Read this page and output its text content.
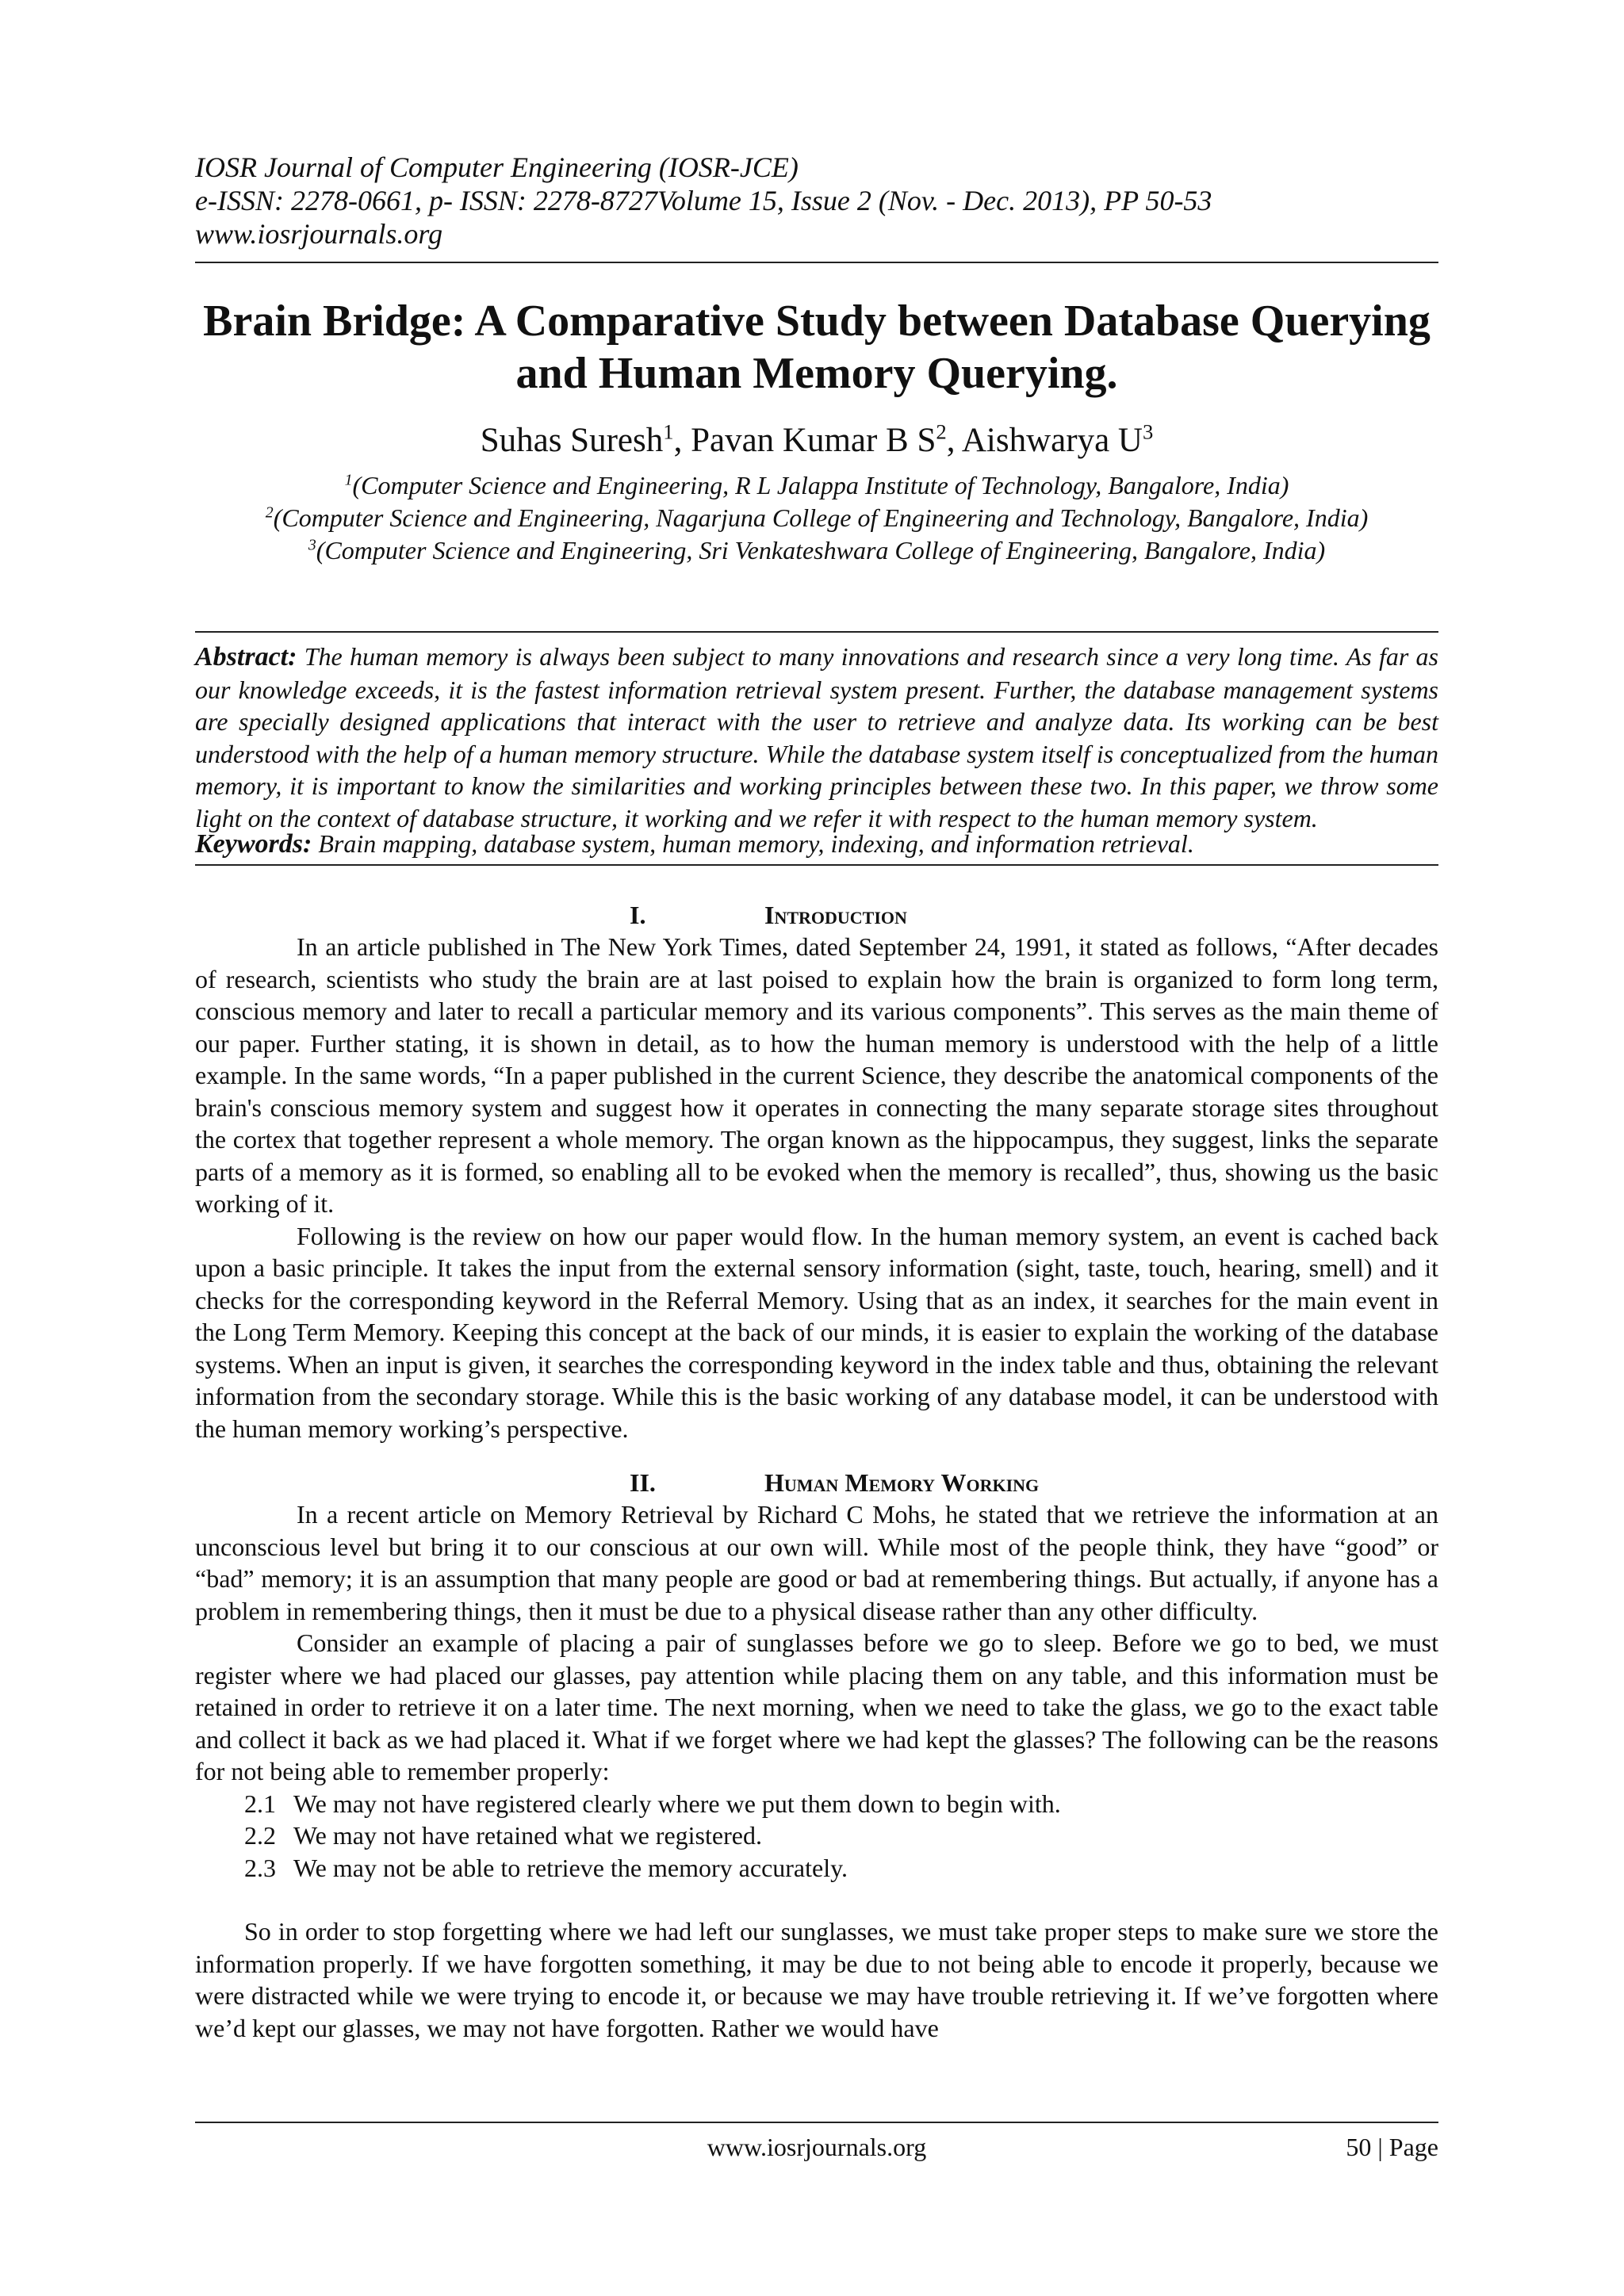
IOSR Journal of Computer Engineering (IOSR-JCE)
e-ISSN: 2278-0661, p- ISSN: 2278-8727Volume 15, Issue 2 (Nov. - Dec. 2013), PP 50-53
www.iosrjournals.org
Brain Bridge: A Comparative Study between Database Querying
and Human Memory Querying.
Suhas Suresh$^1$, Pavan Kumar B $S^2$, Aishwarya $U^3$
$^1$(Computer Science and Engineering, R L Jalappa Institute of Technology, Bangalore, India)
$^2$(Computer Science and Engineering, Nagarjuna College of Engineering and Technology, Bangalore, India)
$^3$(Computer Science and Engineering, Sri Venkateshwara College of Engineering, Bangalore, India)
Abstract: The human memory is always been subject to many innovations and research since a very long time. As far as our knowledge exceeds, it is the fastest information retrieval system present. Further, the database management systems are specially designed applications that interact with the user to retrieve and analyze data. Its working can be best understood with the help of a human memory structure. While the database system itself is conceptualized from the human memory, it is important to know the similarities and working principles between these two. In this paper, we throw some light on the context of database structure, it working and we refer it with respect to the human memory system.
Keywords: Brain mapping, database system, human memory, indexing, and information retrieval.
I.	Introduction

In an article published in The New York Times, dated September 24, 1991, it stated as follows, “After decades of research, scientists who study the brain are at last poised to explain how the brain is organized to form long term, conscious memory and later to recall a particular memory and its various components”. This serves as the main theme of our paper. Further stating, it is shown in detail, as to how the human memory is understood with the help of a little example. In the same words, “In a paper published in the current Science, they describe the anatomical components of the brain's conscious memory system and suggest how it operates in connecting the many separate storage sites throughout the cortex that together represent a whole memory. The organ known as the hippocampus, they suggest, links the separate parts of a memory as it is formed, so enabling all to be evoked when the memory is recalled”, thus, showing us the basic working of it.

Following is the review on how our paper would flow. In the human memory system, an event is cached back upon a basic principle. It takes the input from the external sensory information (sight, taste, touch, hearing, smell) and it checks for the corresponding keyword in the Referral Memory. Using that as an index, it searches for the main event in the Long Term Memory. Keeping this concept at the back of our minds, it is easier to explain the working of the database systems. When an input is given, it searches the corresponding keyword in the index table and thus, obtaining the relevant information from the secondary storage. While this is the basic working of any database model, it can be understood with the human memory working’s perspective.

II.	Human Memory Working

In a recent article on Memory Retrieval by Richard C Mohs, he stated that we retrieve the information at an unconscious level but bring it to our conscious at our own will. While most of the people think, they have “good” or “bad” memory; it is an assumption that many people are good or bad at remembering things. But actually, if anyone has a problem in remembering things, then it must be due to a physical disease rather than any other difficulty.

Consider an example of placing a pair of sunglasses before we go to sleep. Before we go to bed, we must register where we had placed our glasses, pay attention while placing them on any table, and this information must be retained in order to retrieve it on a later time. The next morning, when we need to take the glass, we go to the exact table and collect it back as we had placed it. What if we forget where we had kept the glasses? The following can be the reasons for not being able to remember properly:

2.1 We may not have registered clearly where we put them down to begin with.
2.2 We may not have retained what we registered.
2.3 We may not be able to retrieve the memory accurately.

So in order to stop forgetting where we had left our sunglasses, we must take proper steps to make sure we store the information properly. If we have forgotten something, it may be due to not being able to encode it properly, because we were distracted while we were trying to encode it, or because we may have trouble retrieving it. If we’ve forgotten where we’d kept our glasses, we may not have forgotten. Rather we would have

www.iosrjournals.org	50 | Page
